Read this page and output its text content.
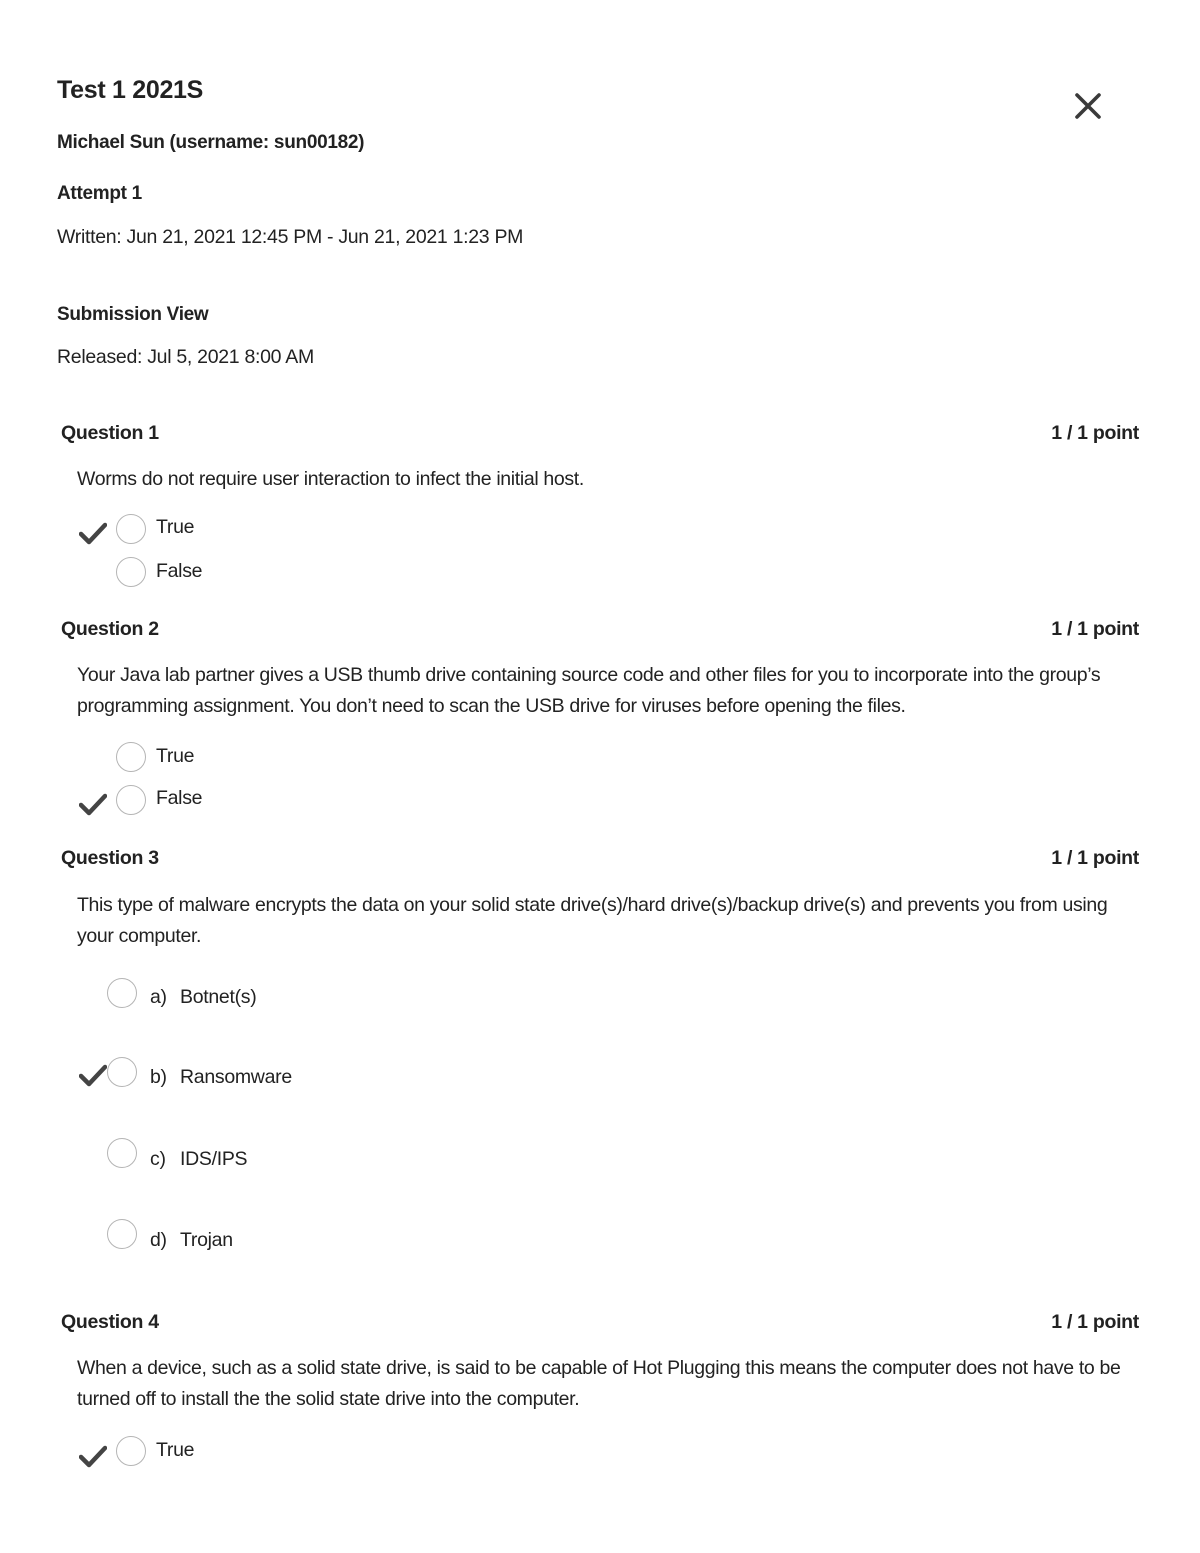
Test 1 2021S
Michael Sun (username: sun00182)
Attempt 1
Written: Jun 21, 2021 12:45 PM - Jun 21, 2021 1:23 PM
Submission View
Released: Jul 5, 2021 8:00 AM
Question 1	1 / 1 point
Worms do not require user interaction to infect the initial host.
True
False
Question 2	1 / 1 point
Your Java lab partner gives a USB thumb drive containing source code and other files for you to incorporate into the group’s programming assignment. You don’t need to scan the USB drive for viruses before opening the files.
True
False
Question 3	1 / 1 point
This type of malware encrypts the data on your solid state drive(s)/hard drive(s)/backup drive(s) and prevents you from using your computer.
a) Botnet(s)
b) Ransomware
c) IDS/IPS
d) Trojan
Question 4	1 / 1 point
When a device, such as a solid state drive, is said to be capable of Hot Plugging this means the computer does not have to be turned off to install the the solid state drive into the computer.
True
